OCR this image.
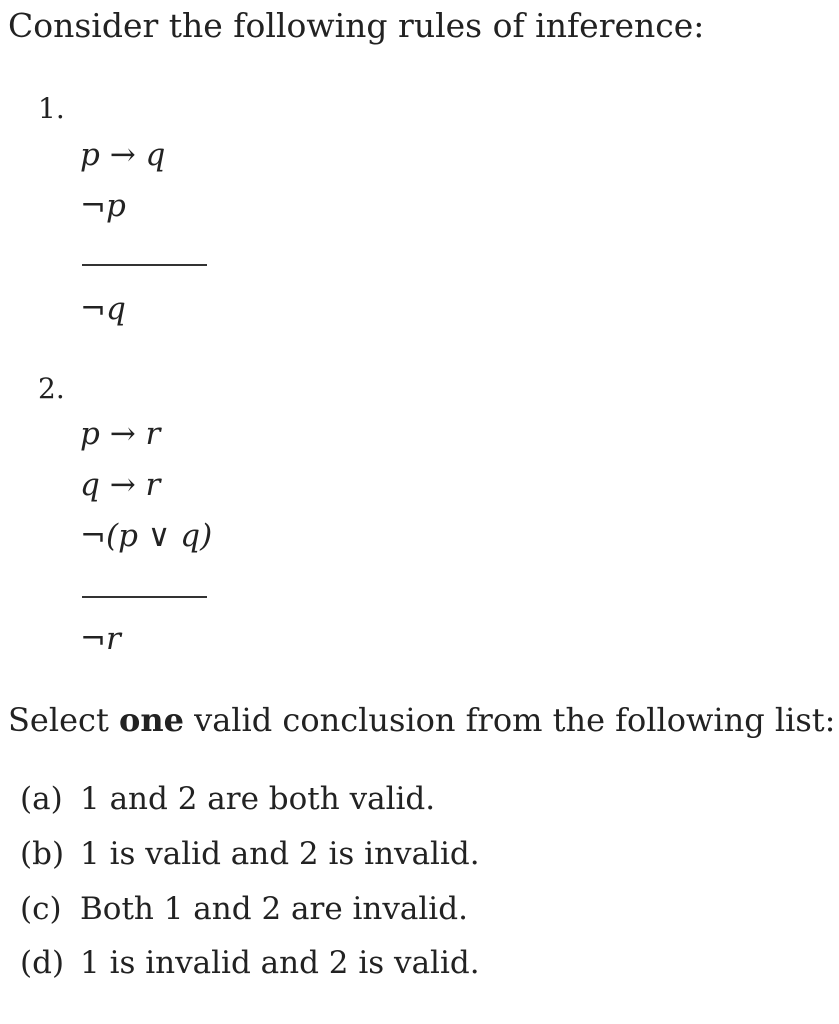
Consider the following rules of inference:
1.
p → q
¬p
¬q
2.
p → r
q → r
¬(p ∨ q)
¬r
Select one valid conclusion from the following list:
(a) 1 and 2 are both valid.
(b) 1 is valid and 2 is invalid.
(c) Both 1 and 2 are invalid.
(d) 1 is invalid and 2 is valid.
